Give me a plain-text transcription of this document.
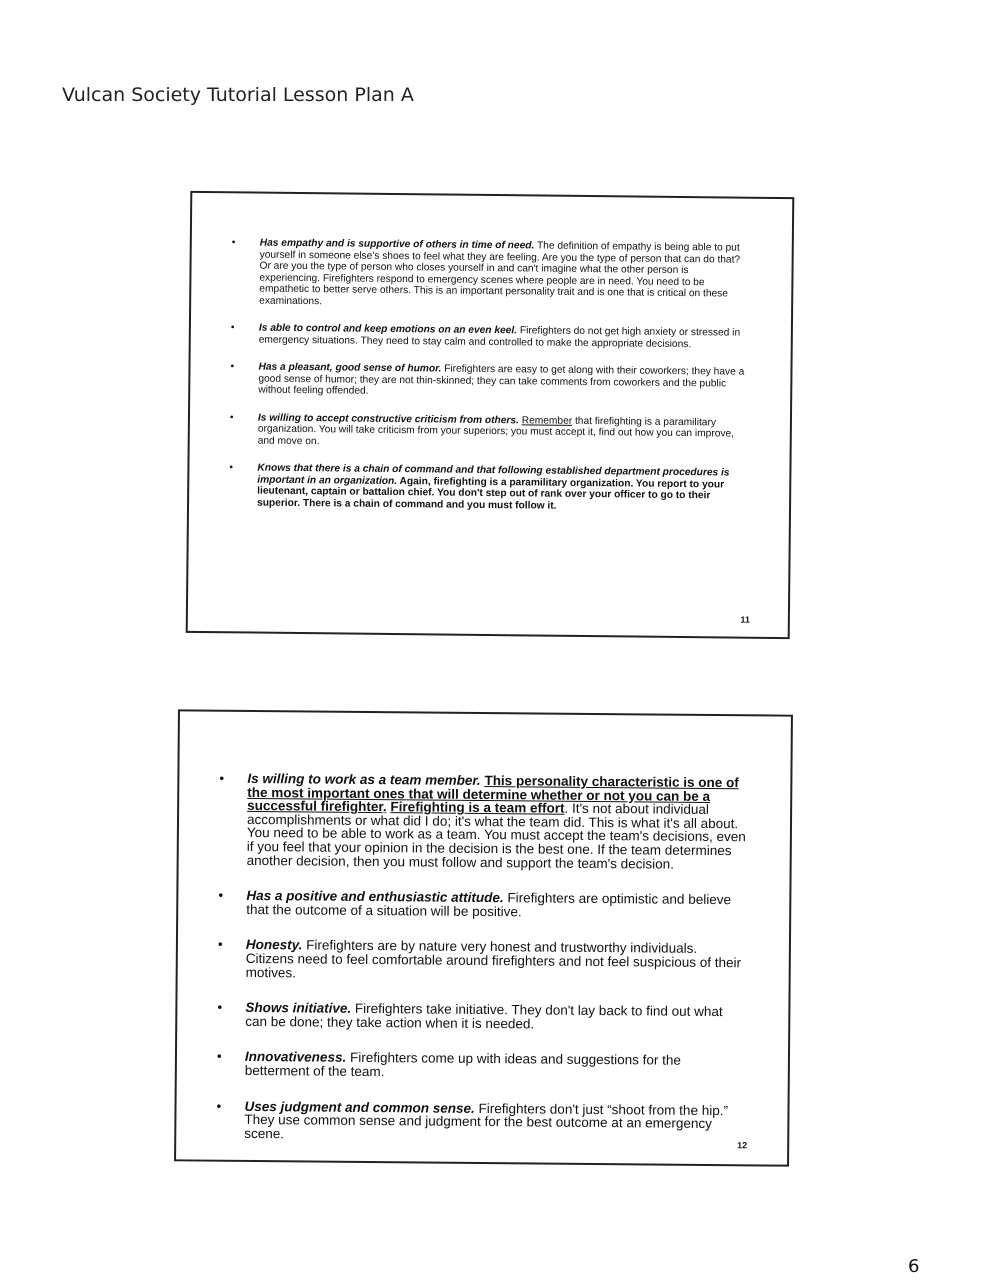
Vulcan Society Tutorial Lesson Plan A
• Has empathy and is supportive of others in time of need. The definition of empathy is being able to put yourself in someone else's shoes to feel what they are feeling. Are you the type of person that can do that? Or are you the type of person who closes yourself in and can't imagine what the other person is experiencing. Firefighters respond to emergency scenes where people are in need. You need to be empathetic to better serve others. This is an important personality trait and is one that is critical on these examinations.
• Is able to control and keep emotions on an even keel. Firefighters do not get high anxiety or stressed in emergency situations. They need to stay calm and controlled to make the appropriate decisions.
• Has a pleasant, good sense of humor. Firefighters are easy to get along with their coworkers; they have a good sense of humor; they are not thin-skinned; they can take comments from coworkers and the public without feeling offended.
• Is willing to accept constructive criticism from others. Remember that firefighting is a paramilitary organization. You will take criticism from your superiors; you must accept it, find out how you can improve, and move on.
• Knows that there is a chain of command and that following established department procedures is important in an organization. Again, firefighting is a paramilitary organization. You report to your lieutenant, captain or battalion chief. You don't step out of rank over your officer to go to their superior. There is a chain of command and you must follow it.
11
• Is willing to work as a team member. This personality characteristic is one of the most important ones that will determine whether or not you can be a successful firefighter. Firefighting is a team effort. It's not about individual accomplishments or what did I do; it's what the team did. This is what it's all about. You need to be able to work as a team. You must accept the team's decisions, even if you feel that your opinion in the decision is the best one. If the team determines another decision, then you must follow and support the team's decision.
• Has a positive and enthusiastic attitude. Firefighters are optimistic and believe that the outcome of a situation will be positive.
• Honesty. Firefighters are by nature very honest and trustworthy individuals. Citizens need to feel comfortable around firefighters and not feel suspicious of their motives.
• Shows initiative. Firefighters take initiative. They don't lay back to find out what can be done; they take action when it is needed.
• Innovativeness. Firefighters come up with ideas and suggestions for the betterment of the team.
• Uses judgment and common sense. Firefighters don't just “shoot from the hip.” They use common sense and judgment for the best outcome at an emergency scene.
12
6
